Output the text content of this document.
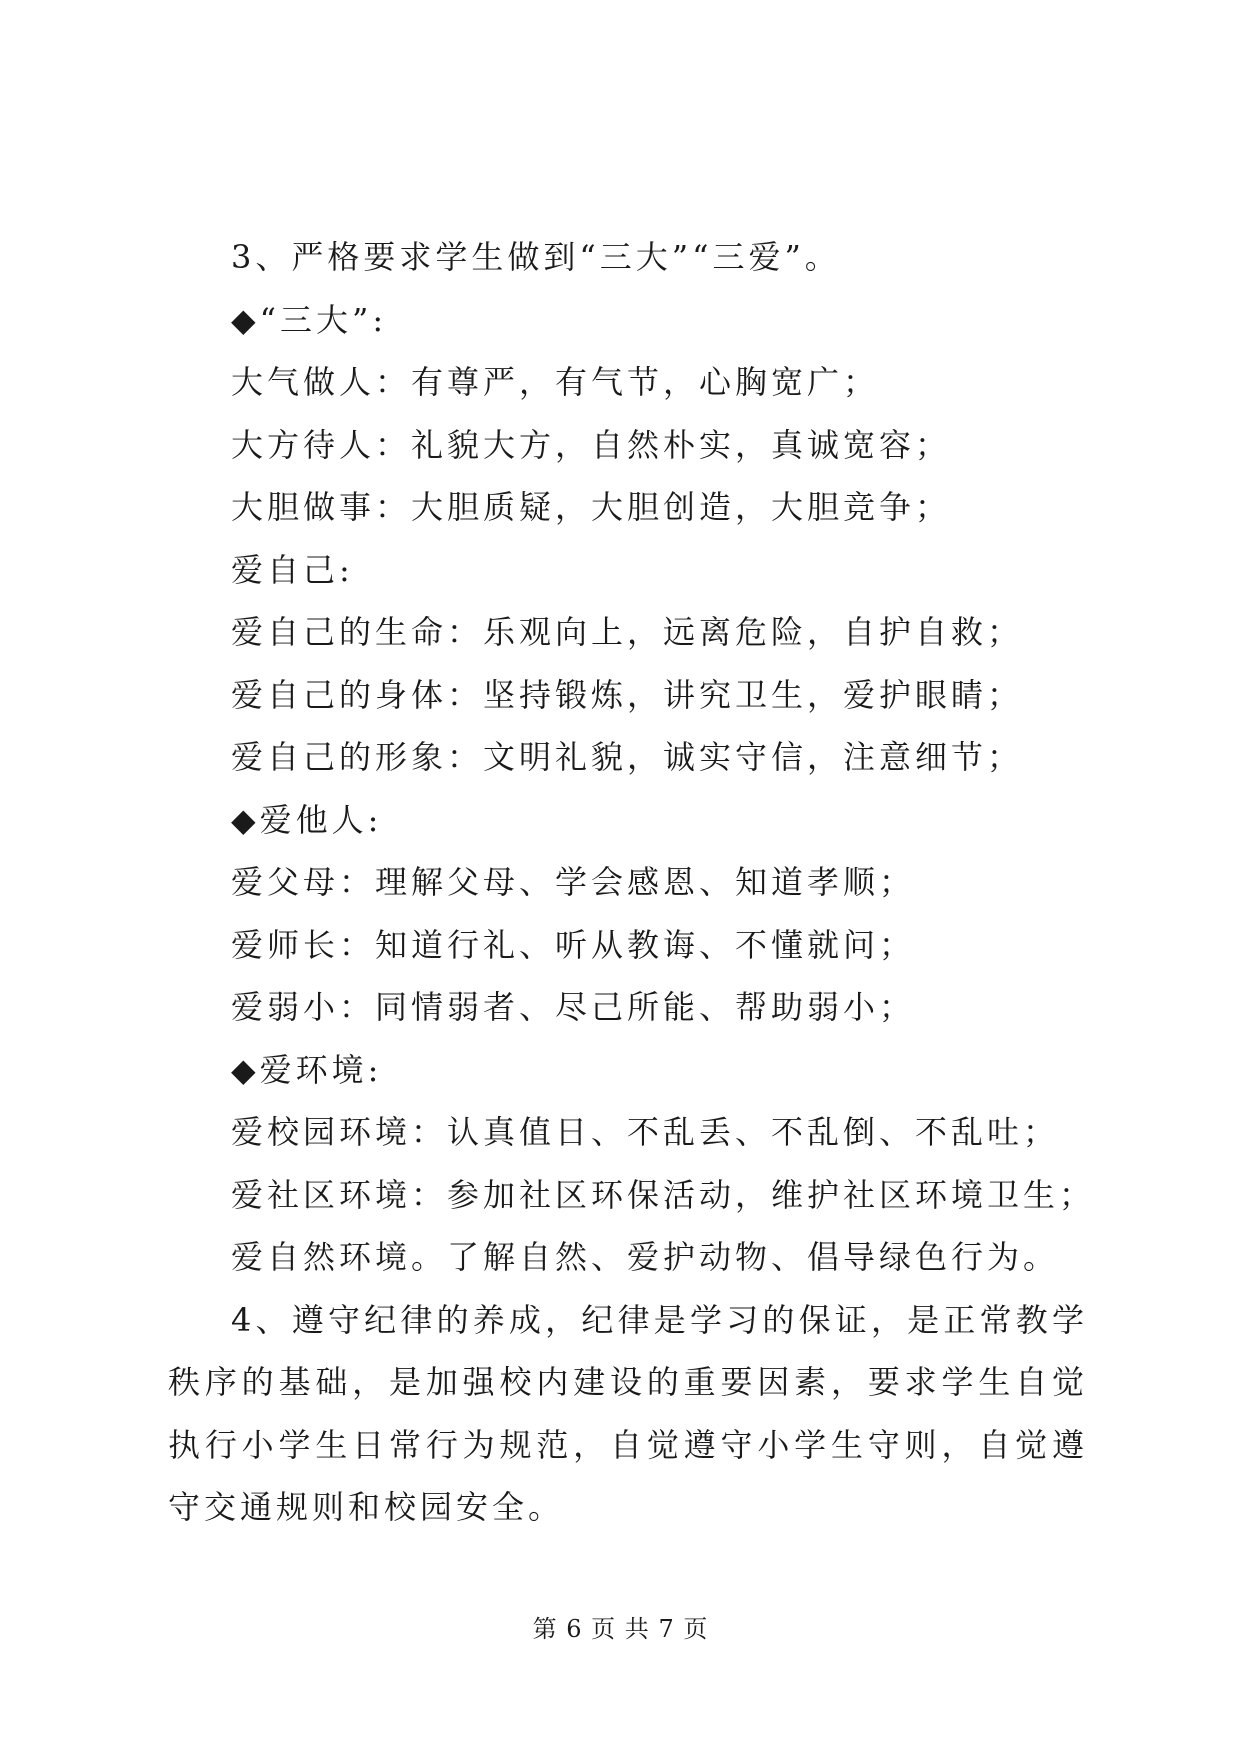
3、严格要求学生做到“三大”“三爱”。
◆“三大”:
大气做人：有尊严，有气节，心胸宽广；
大方待人：礼貌大方，自然朴实，真诚宽容；
大胆做事：大胆质疑，大胆创造，大胆竞争；
爱自己:
爱自己的生命：乐观向上，远离危险，自护自救；
爱自己的身体：坚持锻炼，讲究卫生，爱护眼睛；
爱自己的形象：文明礼貌，诚实守信，注意细节；
◆爱他人:
爱父母：理解父母、学会感恩、知道孝顺；
爱师长：知道行礼、听从教诲、不懂就问；
爱弱小：同情弱者、尽己所能、帮助弱小；
◆爱环境:
爱校园环境：认真值日、不乱丢、不乱倒、不乱吐；
爱社区环境：参加社区环保活动，维护社区环境卫生；
爱自然环境。了解自然、爱护动物、倡导绿色行为。

4、遵守纪律的养成，纪律是学习的保证，是正常教学秩序的基础，是加强校内建设的重要因素，要求学生自觉执行小学生日常行为规范，自觉遵守小学生守则，自觉遵守交通规则和校园安全。

第 6 页 共 7 页
